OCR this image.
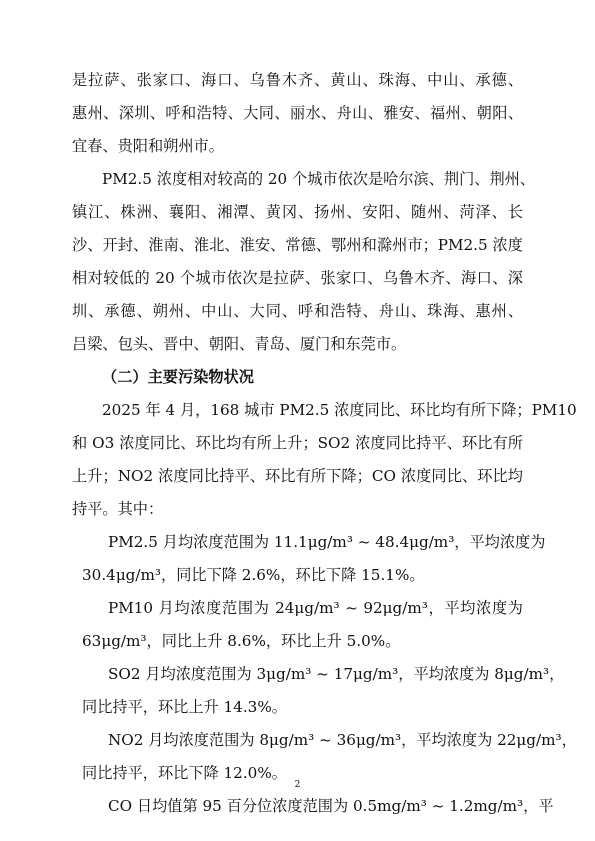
是拉萨、张家口、海口、乌鲁木齐、黄山、珠海、中山、承德、
惠州、深圳、呼和浩特、大同、丽水、舟山、雅安、福州、朝阳、
宜春、贵阳和朔州市。
PM2.5 浓度相对较高的 20 个城市依次是哈尔滨、荆门、荆州、
镇江、株洲、襄阳、湘潭、黄冈、扬州、安阳、随州、菏泽、长
沙、开封、淮南、淮北、淮安、常德、鄂州和滁州市；PM2.5 浓度
相对较低的 20 个城市依次是拉萨、张家口、乌鲁木齐、海口、深
圳、承德、朔州、中山、大同、呼和浩特、舟山、珠海、惠州、
吕梁、包头、晋中、朝阳、青岛、厦门和东莞市。
（二）主要污染物状况
2025 年 4 月，168 城市 PM2.5 浓度同比、环比均有所下降；PM10
和 O3 浓度同比、环比均有所上升；SO2 浓度同比持平、环比有所
上升；NO2 浓度同比持平、环比有所下降；CO 浓度同比、环比均
持平。其中：
PM2.5 月均浓度范围为 11.1μg/m³ ~ 48.4μg/m³，平均浓度为
30.4μg/m³，同比下降 2.6%，环比下降 15.1%。
PM10 月均浓度范围为 24μg/m³ ~ 92μg/m³，平均浓度为
63μg/m³，同比上升 8.6%，环比上升 5.0%。
SO2 月均浓度范围为 3μg/m³ ~ 17μg/m³，平均浓度为 8μg/m³，
同比持平，环比上升 14.3%。
NO2 月均浓度范围为 8μg/m³ ~ 36μg/m³，平均浓度为 22μg/m³，
同比持平，环比下降 12.0%。
CO 日均值第 95 百分位浓度范围为 0.5mg/m³ ~ 1.2mg/m³，平
2
